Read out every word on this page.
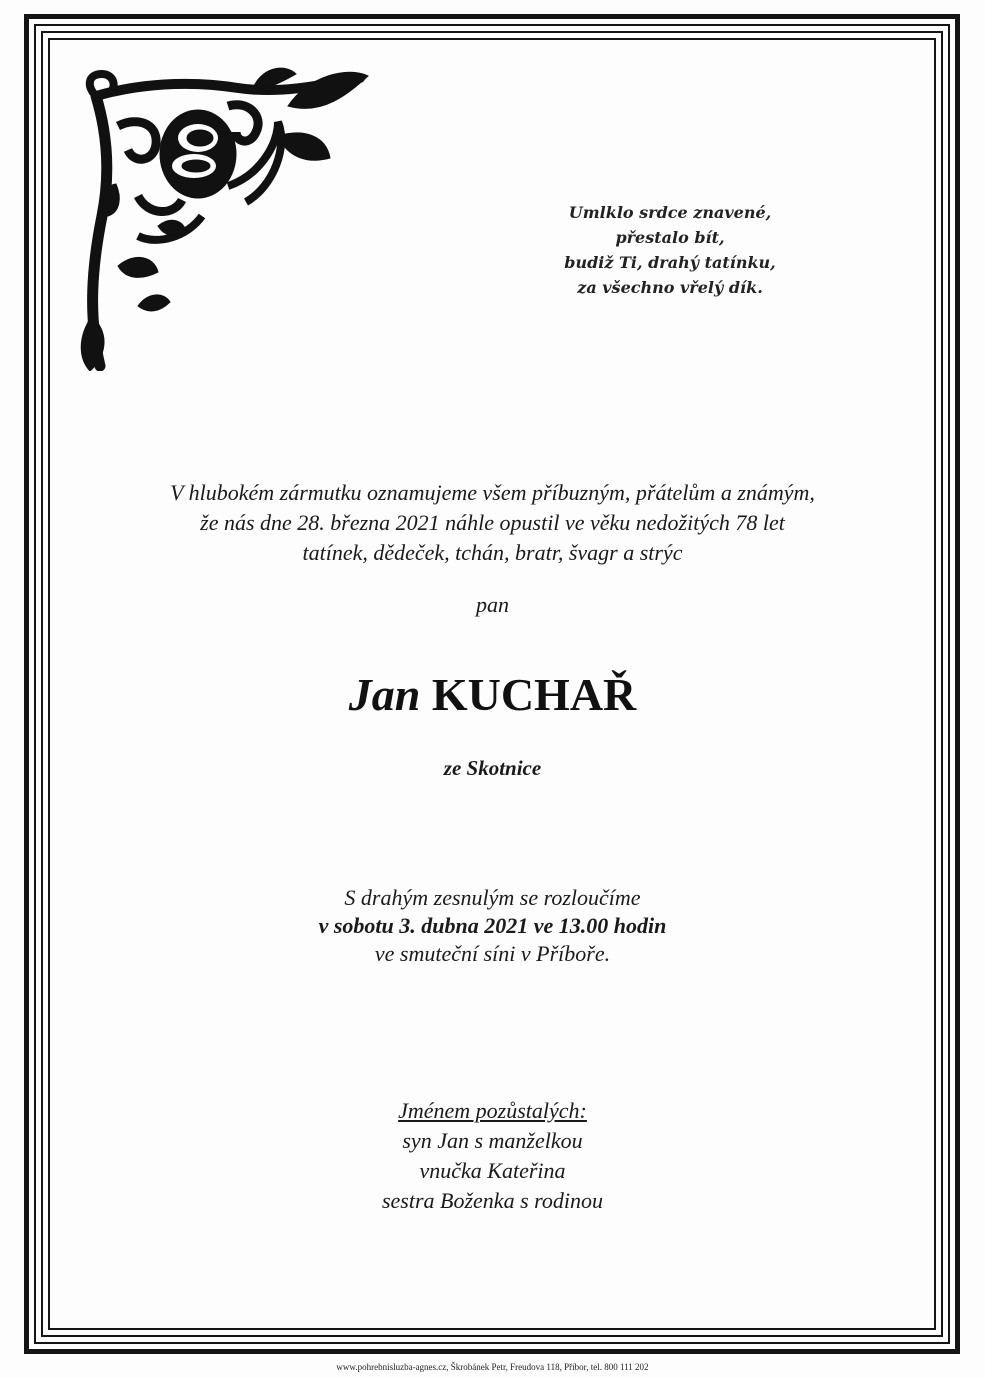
Umlklo srdce znavené,
přestalo bít,
budiž Ti, drahý tatínku,
za všechno vřelý dík.
V hlubokém zármutku oznamujeme všem příbuzným, přátelům a známým,
že nás dne 28. března 2021 náhle opustil ve věku nedožitých 78 let
tatínek, dědeček, tchán, bratr, švagr a strýc
pan
Jan KUCHAŘ
ze Skotnice
S drahým zesnulým se rozloučíme
v sobotu 3. dubna 2021 ve 13.00 hodin
ve smuteční síni v Příboře.
Jménem pozůstalých:
syn Jan s manželkou
vnučka Kateřina
sestra Boženka s rodinou
www.pohrebnisluzba-agnes.cz, Škrobánek Petr, Freudova 118, Příbor, tel. 800 111 202
